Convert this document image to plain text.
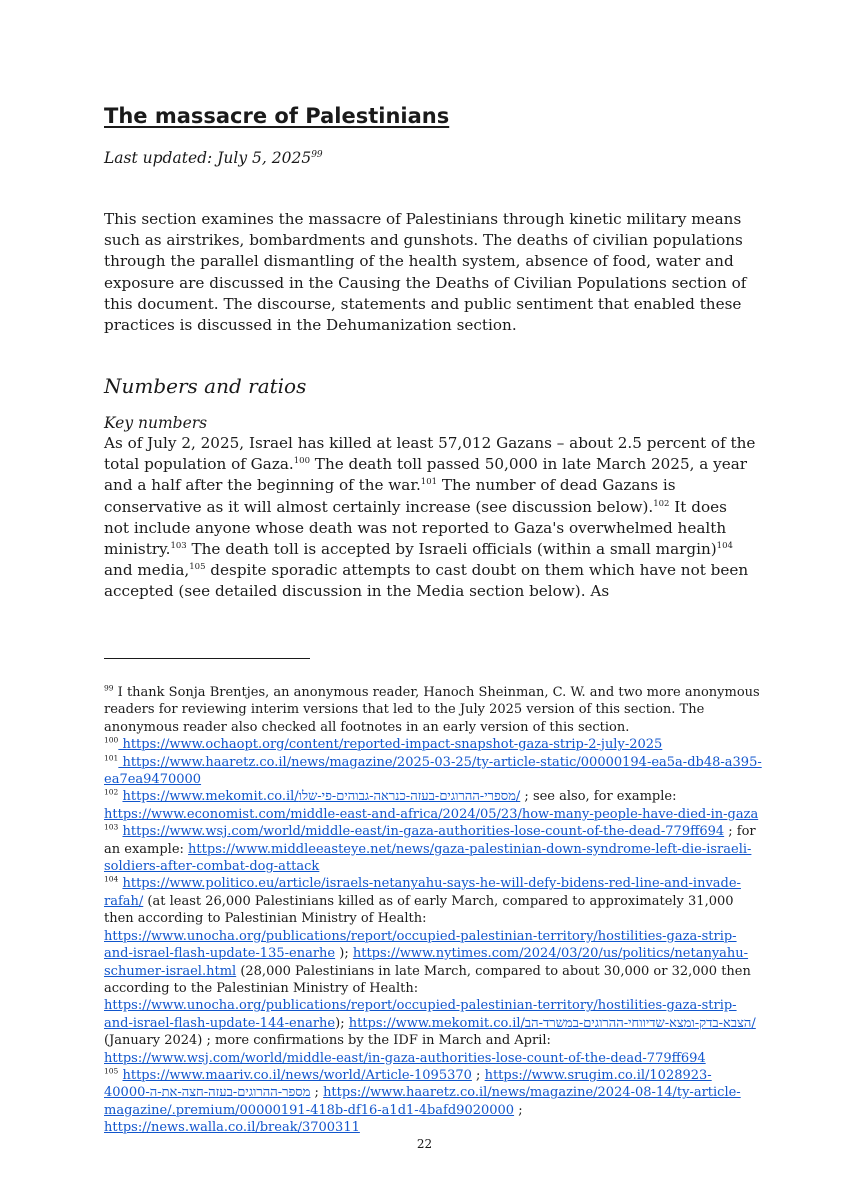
The massacre of Palestinians

Last updated: July 5, 2025$^{99}$

This section examines the massacre of Palestinians through kinetic military means such as airstrikes, bombardments and gunshots. The deaths of civilian populations through the parallel dismantling of the health system, absence of food, water and exposure are discussed in the Causing the Deaths of Civilian Populations section of this document. The discourse, statements and public sentiment that enabled these practices is discussed in the Dehumanization section.

Numbers and ratios
Key numbers

As of July 2, 2025, Israel has killed at least 57,012 Gazans – about 2.5 percent of the total population of Gaza.$^{100}$ The death toll passed 50,000 in late March 2025, a year and a half after the beginning of the war.$^{101}$ The number of dead Gazans is conservative as it will almost certainly increase (see discussion below).$^{102}$ It does not include anyone whose death was not reported to Gaza's overwhelmed health ministry.$^{103}$ The death toll is accepted by Israeli officials (within a small margin)$^{104}$ and media,$^{105}$ despite sporadic attempts to cast doubt on them which have not been accepted (see detailed discussion in the Media section below). As

$^{99}$ I thank Sonja Brentjes, an anonymous reader, Hanoch Sheinman, C. W. and two more anonymous readers for reviewing interim versions that led to the July 2025 version of this section. The anonymous reader also checked all footnotes in an early version of this section.

$^{100}$ https://www.ochaopt.org/content/reported-impact-snapshot-gaza-strip-2-july-2025

$^{101}$ https://www.haaretz.co.il/news/magazine/2025-03-25/ty-article-static/00000194-ea5a-db48-a395-ea7ea9470000

$^{102}$ https://www.mekomit.co.il/מספרי-ההרוגים-בעזה-כנראה-גבוהים-פי-שלו/ ; see also, for example: https://www.economist.com/middle-east-and-africa/2024/05/23/how-many-people-have-died-in-gaza

$^{103}$ https://www.wsj.com/world/middle-east/in-gaza-authorities-lose-count-of-the-dead-779ff694 ; for an example: https://www.middleeasteye.net/news/gaza-palestinian-down-syndrome-left-die-israeli-soldiers-after-combat-dog-attack

$^{104}$ https://www.politico.eu/article/israels-netanyahu-says-he-will-defy-bidens-red-line-and-invade-rafah/ (at least 26,000 Palestinians killed as of early March, compared to approximately 31,000 then according to Palestinian Ministry of Health: https://www.unocha.org/publications/report/occupied-palestinian-territory/hostilities-gaza-strip-and-israel-flash-update-135-enarhe ); https://www.nytimes.com/2024/03/20/us/politics/netanyahu-schumer-israel.html (28,000 Palestinians in late March, compared to about 30,000 or 32,000 then according to the Palestinian Ministry of Health: https://www.unocha.org/publications/report/occupied-palestinian-territory/hostilities-gaza-strip-and-israel-flash-update-144-enarhe); https://www.mekomit.co.il/הצבא-בדק-ומצא-שדיווחי-ההרוגים-במשרד-הב/ (January 2024) ; more confirmations by the IDF in March and April: https://www.wsj.com/world/middle-east/in-gaza-authorities-lose-count-of-the-dead-779ff694

$^{105}$ https://www.maariv.co.il/news/world/Article-1095370 ; https://www.srugim.co.il/1028923-מספר-ההרוגים-בעזה-חצה-את-ה-40000 ; https://www.haaretz.co.il/news/magazine/2024-08-14/ty-article-magazine/.premium/00000191-418b-df16-a1d1-4bafd9020000 ; https://news.walla.co.il/break/3700311

22
